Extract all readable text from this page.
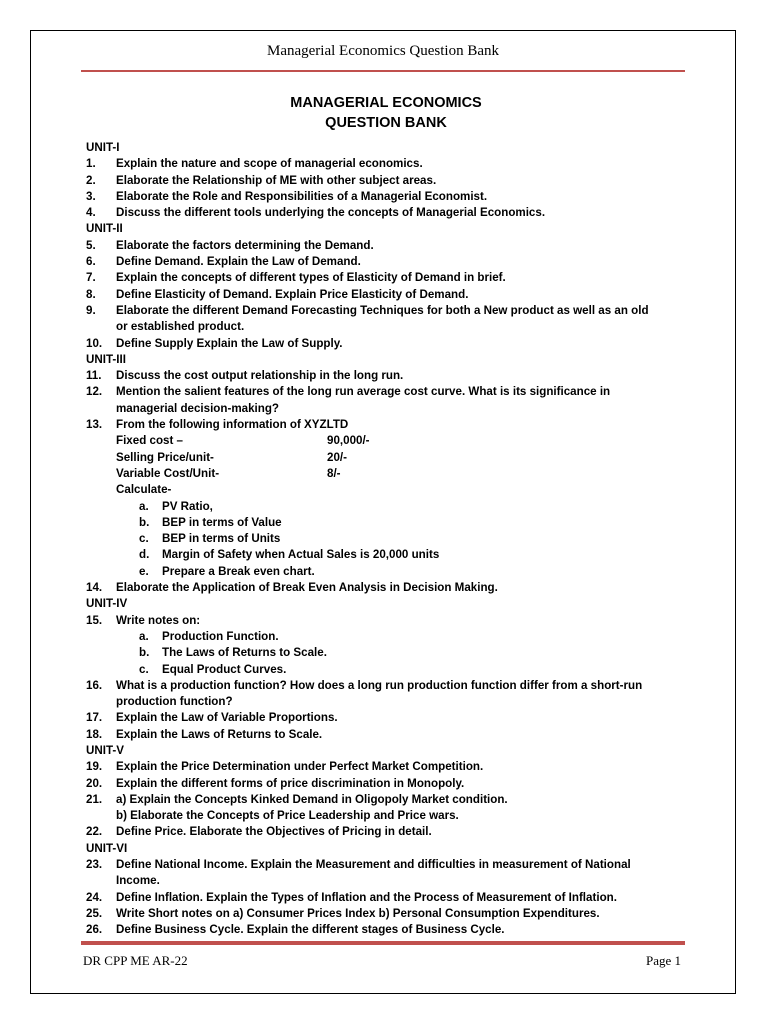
Managerial Economics Question Bank
MANAGERIAL ECONOMICS
QUESTION BANK
UNIT-I
1.	Explain the nature and scope of managerial economics.
2.	Elaborate the Relationship of ME with other subject areas.
3.	Elaborate the Role and Responsibilities of a Managerial Economist.
4.	Discuss the different tools underlying the concepts of Managerial Economics.
UNIT-II
5.	Elaborate the factors determining the Demand.
6.	Define Demand. Explain the Law of Demand.
7.	Explain the concepts of different types of Elasticity of Demand in brief.
8.	Define Elasticity of Demand. Explain Price Elasticity of Demand.
9.	Elaborate the different Demand Forecasting Techniques for both a New product as well as an old
or established product.
10.	Define Supply Explain the Law of Supply.
UNIT-III
11.	Discuss the cost output relationship in the long run.
12.	Mention the salient features of the long run average cost curve. What is its significance in
managerial decision-making?
13.	From the following information of XYZLTD
Fixed cost –	90,000/-
Selling Price/unit-	20/-
Variable Cost/Unit-	8/-
Calculate-
a.	PV Ratio,
b.	BEP in terms of Value
c.	BEP in terms of Units
d.	Margin of Safety when Actual Sales is 20,000 units
e.	Prepare a Break even chart.
14.	Elaborate the Application of Break Even Analysis in Decision Making.
UNIT-IV
15.	Write notes on:
a.	Production Function.
b.	The Laws of Returns to Scale.
c.	Equal Product Curves.
16.	What is a production function? How does a long run production function differ from a short-run
production function?
17.	Explain the Law of Variable Proportions.
18.	Explain the Laws of Returns to Scale.
UNIT-V
19.	Explain the Price Determination under Perfect Market Competition.
20.	Explain the different forms of price discrimination in Monopoly.
21.	a) Explain the Concepts Kinked Demand in Oligopoly Market condition.
b) Elaborate the Concepts of Price Leadership and Price wars.
22.	Define Price. Elaborate the Objectives of Pricing in detail.
UNIT-VI
23.	Define National Income. Explain the Measurement and difficulties in measurement of National
Income.
24.	Define Inflation. Explain the Types of Inflation and the Process of Measurement of Inflation.
25.	Write Short notes on a) Consumer Prices Index b) Personal Consumption Expenditures.
26.	Define Business Cycle. Explain the different stages of Business Cycle.
DR CPP ME AR-22	Page 1
